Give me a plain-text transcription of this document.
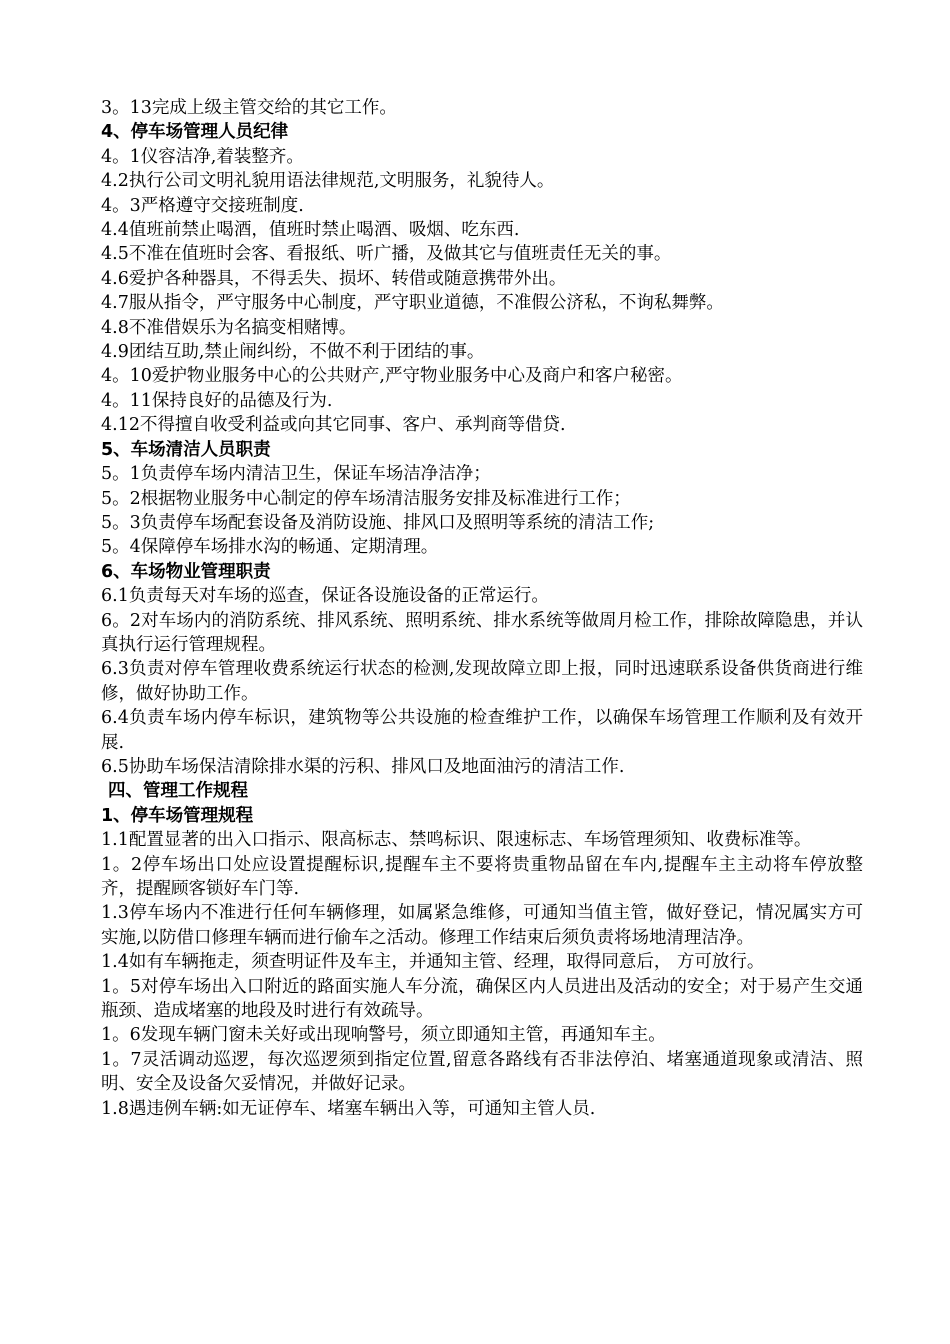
3。13完成上级主管交给的其它工作。

4、停车场管理人员纪律

4。1仪容洁净,着装整齐。

4.2执行公司文明礼貌用语法律规范,文明服务，礼貌待人。

4。3严格遵守交接班制度.

4.4值班前禁止喝酒，值班时禁止喝酒、吸烟、吃东西.

4.5不准在值班时会客、看报纸、听广播，及做其它与值班责任无关的事。

4.6爱护各种器具，不得丢失、损坏、转借或随意携带外出。

4.7服从指令，严守服务中心制度，严守职业道德，不准假公济私，不询私舞弊。

4.8不准借娱乐为名搞变相赌博。

4.9团结互助,禁止闹纠纷，不做不利于团结的事。

4。10爱护物业服务中心的公共财产,严守物业服务中心及商户和客户秘密。

4。11保持良好的品德及行为.

4.12不得擅自收受利益或向其它同事、客户、承判商等借贷.

5、车场清洁人员职责

5。1负责停车场内清洁卫生，保证车场洁净洁净；

5。2根据物业服务中心制定的停车场清洁服务安排及标准进行工作；

5。3负责停车场配套设备及消防设施、排风口及照明等系统的清洁工作;

5。4保障停车场排水沟的畅通、定期清理。

6、车场物业管理职责

6.1负责每天对车场的巡查，保证各设施设备的正常运行。

6。2对车场内的消防系统、排风系统、照明系统、排水系统等做周月检工作，排除故障隐患，并认真执行运行管理规程。

6.3负责对停车管理收费系统运行状态的检测,发现故障立即上报，同时迅速联系设备供货商进行维修，做好协助工作。

6.4负责车场内停车标识，建筑物等公共设施的检查维护工作，以确保车场管理工作顺利及有效开展.

6.5协助车场保洁清除排水渠的污积、排风口及地面油污的清洁工作.

四、管理工作规程

1、停车场管理规程

1.1配置显著的出入口指示、限高标志、禁鸣标识、限速标志、车场管理须知、收费标准等。

1。2停车场出口处应设置提醒标识,提醒车主不要将贵重物品留在车内,提醒车主主动将车停放整齐，提醒顾客锁好车门等.

1.3停车场内不准进行任何车辆修理，如属紧急维修，可通知当值主管，做好登记，情况属实方可实施,以防借口修理车辆而进行偷车之活动。修理工作结束后须负责将场地清理洁净。

1.4如有车辆拖走，须查明证件及车主，并通知主管、经理，取得同意后， 方可放行。

1。5对停车场出入口附近的路面实施人车分流，确保区内人员进出及活动的安全；对于易产生交通瓶颈、造成堵塞的地段及时进行有效疏导。

1。6发现车辆门窗未关好或出现响警号，须立即通知主管，再通知车主。

1。7灵活调动巡逻，每次巡逻须到指定位置,留意各路线有否非法停泊、堵塞通道现象或清洁、照明、安全及设备欠妥情况，并做好记录。

1.8遇违例车辆:如无证停车、堵塞车辆出入等，可通知主管人员.
